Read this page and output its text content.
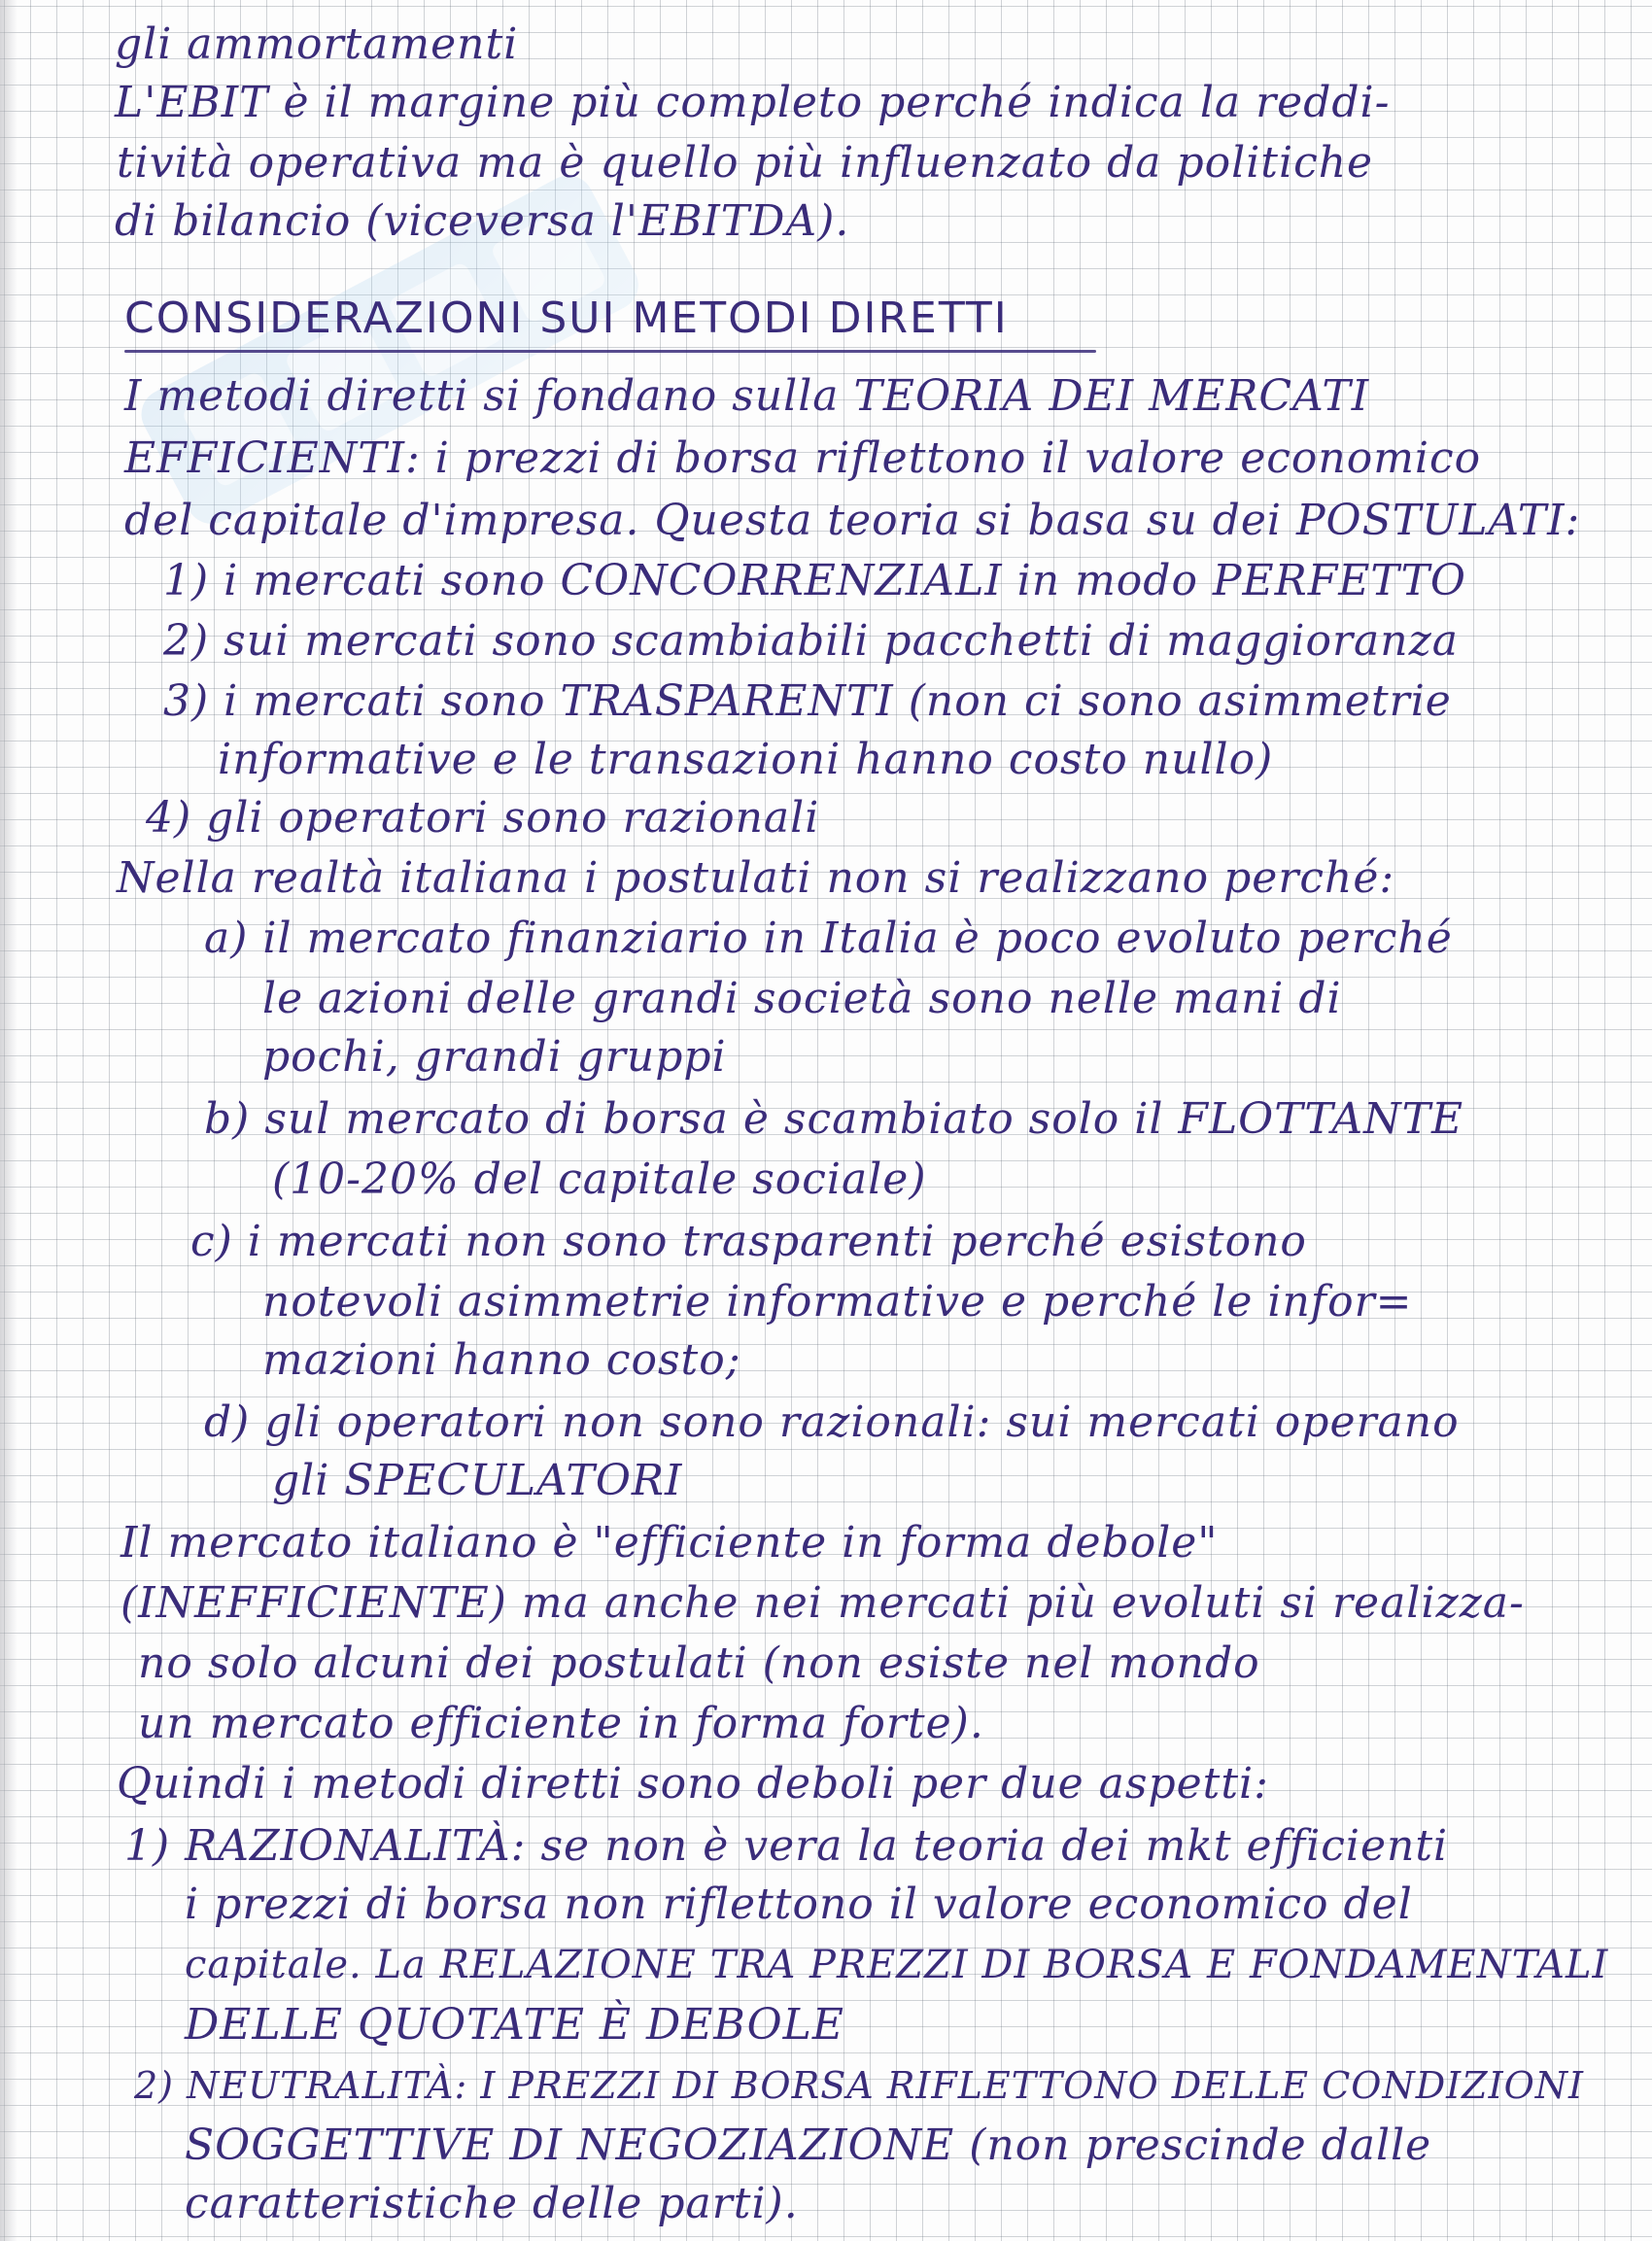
gli ammortamenti
L'EBIT è il margine più completo perché indica la reddi-
tività operativa ma è quello più influenzato da politiche
di bilancio (viceversa l'EBITDA).
CONSIDERAZIONI SUI METODI DIRETTI
I metodi diretti si fondano sulla TEORIA DEI MERCATI
EFFICIENTI: i prezzi di borsa riflettono il valore economico
del capitale d'impresa. Questa teoria si basa su dei POSTULATI:
1) i mercati sono CONCORRENZIALI in modo PERFETTO
2) sui mercati sono scambiabili pacchetti di maggioranza
3) i mercati sono TRASPARENTI (non ci sono asimmetrie
informative e le transazioni hanno costo nullo)
4) gli operatori sono razionali
Nella realtà italiana i postulati non si realizzano perché:
a) il mercato finanziario in Italia è poco evoluto perché
le azioni delle grandi società sono nelle mani di
pochi, grandi gruppi
b) sul mercato di borsa è scambiato solo il FLOTTANTE
(10-20% del capitale sociale)
c) i mercati non sono trasparenti perché esistono
notevoli asimmetrie informative e perché le infor=
mazioni hanno costo;
d) gli operatori non sono razionali: sui mercati operano
gli SPECULATORI
Il mercato italiano è "efficiente in forma debole"
(INEFFICIENTE) ma anche nei mercati più evoluti si realizza-
no solo alcuni dei postulati (non esiste nel mondo
un mercato efficiente in forma forte).
Quindi i metodi diretti sono deboli per due aspetti:
1) RAZIONALITÀ: se non è vera la teoria dei mkt efficienti
i prezzi di borsa non riflettono il valore economico del
capitale. La RELAZIONE TRA PREZZI DI BORSA E FONDAMENTALI
DELLE QUOTATE È DEBOLE
2) NEUTRALITÀ: I PREZZI DI BORSA RIFLETTONO DELLE CONDIZIONI
SOGGETTIVE DI NEGOZIAZIONE (non prescinde dalle
caratteristiche delle parti).
